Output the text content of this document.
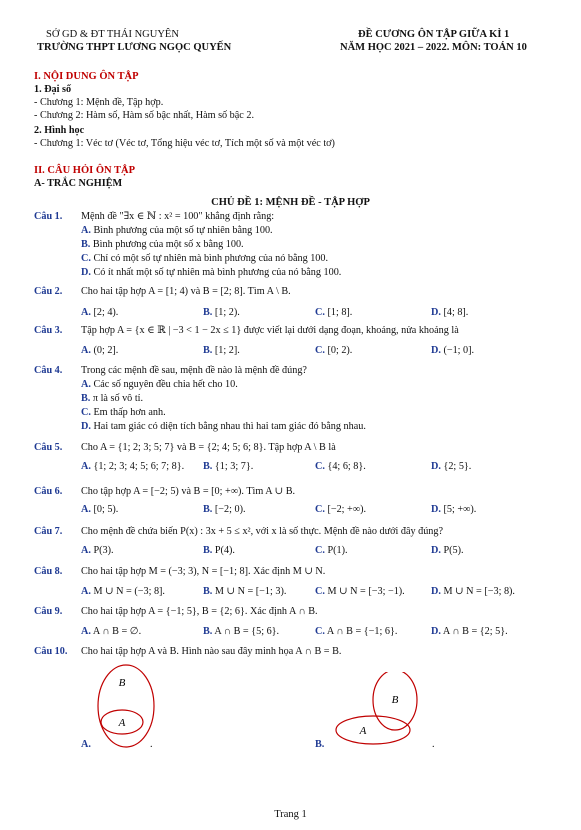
SỞ GD & ĐT THÁI NGUYÊN
TRƯỜNG THPT LƯƠNG NGỌC QUYẾN
ĐỀ CƯƠNG ÔN TẬP GIỮA KÌ 1
NĂM HỌC 2021 – 2022. MÔN: TOÁN 10
I. NỘI DUNG ÔN TẬP
1. Đại số
- Chương 1: Mệnh đề, Tập hợp.
- Chương 2: Hàm số, Hàm số bậc nhất, Hàm số bậc 2.
2. Hình học
- Chương 1: Véc tơ (Véc tơ, Tổng hiệu véc tơ, Tích một số và một véc tơ)
II. CÂU HỎI ÔN TẬP
A- TRẮC NGHIỆM
CHỦ ĐỀ 1: MỆNH ĐỀ - TẬP HỢP
Câu 1. Mệnh đề "∃x ∈ ℕ : x² = 100" khẳng định rằng:
A. Bình phương của một số tự nhiên bằng 100.
B. Bình phương của một số x bằng 100.
C. Chỉ có một số tự nhiên mà bình phương của nó bằng 100.
D. Có ít nhất một số tự nhiên mà bình phương của nó bằng 100.
Câu 2. Cho hai tập hợp A = [1; 4) và B = [2; 8]. Tìm A \ B.
A. [2; 4).	B. [1; 2).	C. [1; 8].	D. [4; 8].
Câu 3. Tập hợp A = {x ∈ ℝ | −3 < 1 − 2x ≤ 1} được viết lại dưới dạng đoạn, khoảng, nửa khoảng là
A. (0; 2].	B. [1; 2].	C. [0; 2).	D. (−1; 0].
Câu 4. Trong các mệnh đề sau, mệnh đề nào là mệnh đề đúng?
A. Các số nguyên đều chia hết cho 10.
B. π là số vô tỉ.
C. Em thấp hơn anh.
D. Hai tam giác có diện tích bằng nhau thì hai tam giác đó bằng nhau.
Câu 5. Cho A = {1; 2; 3; 5; 7} và B = {2; 4; 5; 6; 8}. Tập hợp A \ B là
A. {1; 2; 3; 4; 5; 6; 7; 8}. B. {1; 3; 7}.	C. {4; 6; 8}.	D. {2; 5}.
Câu 6. Cho tập hợp A = [−2; 5) và B = [0; +∞). Tìm A ∪ B.
A. [0; 5).	B. [−2; 0).	C. [−2; +∞).	D. [5; +∞).
Câu 7. Cho mệnh đề chứa biến P(x) : 3x + 5 ≤ x², với x là số thực. Mệnh đề nào dưới đây đúng?
A. P(3).	B. P(4).	C. P(1).	D. P(5).
Câu 8. Cho hai tập hợp M = (−3; 3), N = [−1; 8]. Xác định M ∪ N.
A. M ∪ N = (−3; 8].	B. M ∪ N = [−1; 3).	C. M ∪ N = [−3; −1).	D. M ∪ N = [−3; 8).
Câu 9. Cho hai tập hợp A = {−1; 5}, B = {2; 6}. Xác định A ∩ B.
A. A ∩ B = ∅.	B. A ∩ B = {5; 6}.	C. A ∩ B = {−1; 6}.	D. A ∩ B = {2; 5}.
Câu 10. Cho hai tập hợp A và B. Hình nào sau đây minh họa A ∩ B = B.
B
A
A.	.
B
A
B.	.
Trang 1
